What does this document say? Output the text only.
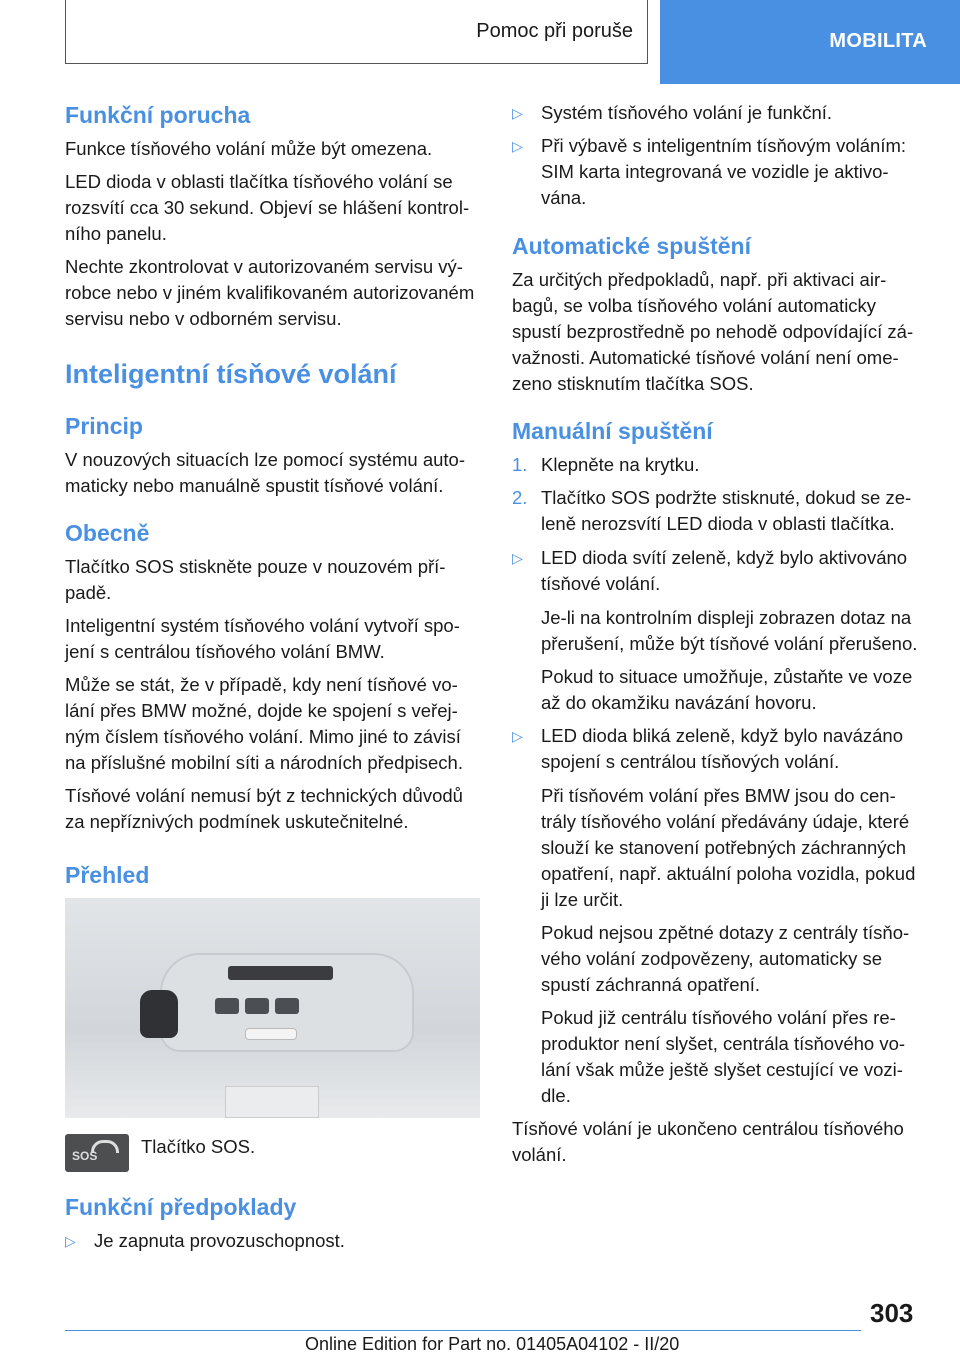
Pomoc při poruše	MOBILITA
Funkční porucha

Funkce tísňového volání může být omezena.

LED dioda v oblasti tlačítka tísňového volání se rozsvítí cca 30 sekund. Objeví se hlášení kontrolního panelu.

Nechte zkontrolovat v autorizovaném servisu výrobce nebo v jiném kvalifikovaném autorizovaném servisu nebo v odborném servisu.

Inteligentní tísňové volání
Princip

V nouzových situacích lze pomocí systému automaticky nebo manuálně spustit tísňové volání.

Obecně

Tlačítko SOS stiskněte pouze v nouzovém případě.

Inteligentní systém tísňového volání vytvoří spojení s centrálou tísňového volání BMW.

Může se stát, že v případě, kdy není tísňové volání přes BMW možné, dojde ke spojení s veřejným číslem tísňového volání. Mimo jiné to závisí na příslušné mobilní síti a národních předpisech.

Tísňové volání nemusí být z technických důvodů za nepříznivých podmínek uskutečnitelné.

Přehled
SOS Tlačítko SOS.
Funkční předpoklady
▷ Je zapnuta provozuschopnost.
▷ Systém tísňového volání je funkční.
▷ Při výbavě s inteligentním tísňovým voláním: SIM karta integrovaná ve vozidle je aktivována.
Automatické spuštění

Za určitých předpokladů, např. při aktivaci airbagů, se volba tísňového volání automaticky spustí bezprostředně po nehodě odpovídající závažnosti. Automatické tísňové volání není omezeno stisknutím tlačítka SOS.

Manuální spuštění
1. Klepněte na krytku.
2. Tlačítko SOS podržte stisknuté, dokud se zeleně nerozsvítí LED dioda v oblasti tlačítka.
▷ LED dioda svítí zeleně, když bylo aktivováno tísňové volání.

Je-li na kontrolním displeji zobrazen dotaz na přerušení, může být tísňové volání přerušeno.

Pokud to situace umožňuje, zůstaňte ve voze až do okamžiku navázání hovoru.

▷ LED dioda bliká zeleně, když bylo navázáno spojení s centrálou tísňových volání.

Při tísňovém volání přes BMW jsou do centrály tísňového volání předávány údaje, které slouží ke stanovení potřebných záchranných opatření, např. aktuální poloha vozidla, pokud ji lze určit.

Pokud nejsou zpětné dotazy z centrály tísňového volání zodpovězeny, automaticky se spustí záchranná opatření.

Pokud již centrálu tísňového volání přes reproduktor není slyšet, centrála tísňového volání však může ještě slyšet cestující ve vozidle.

Tísňové volání je ukončeno centrálou tísňového volání.

303
Online Edition for Part no. 01405A04102 - II/20
